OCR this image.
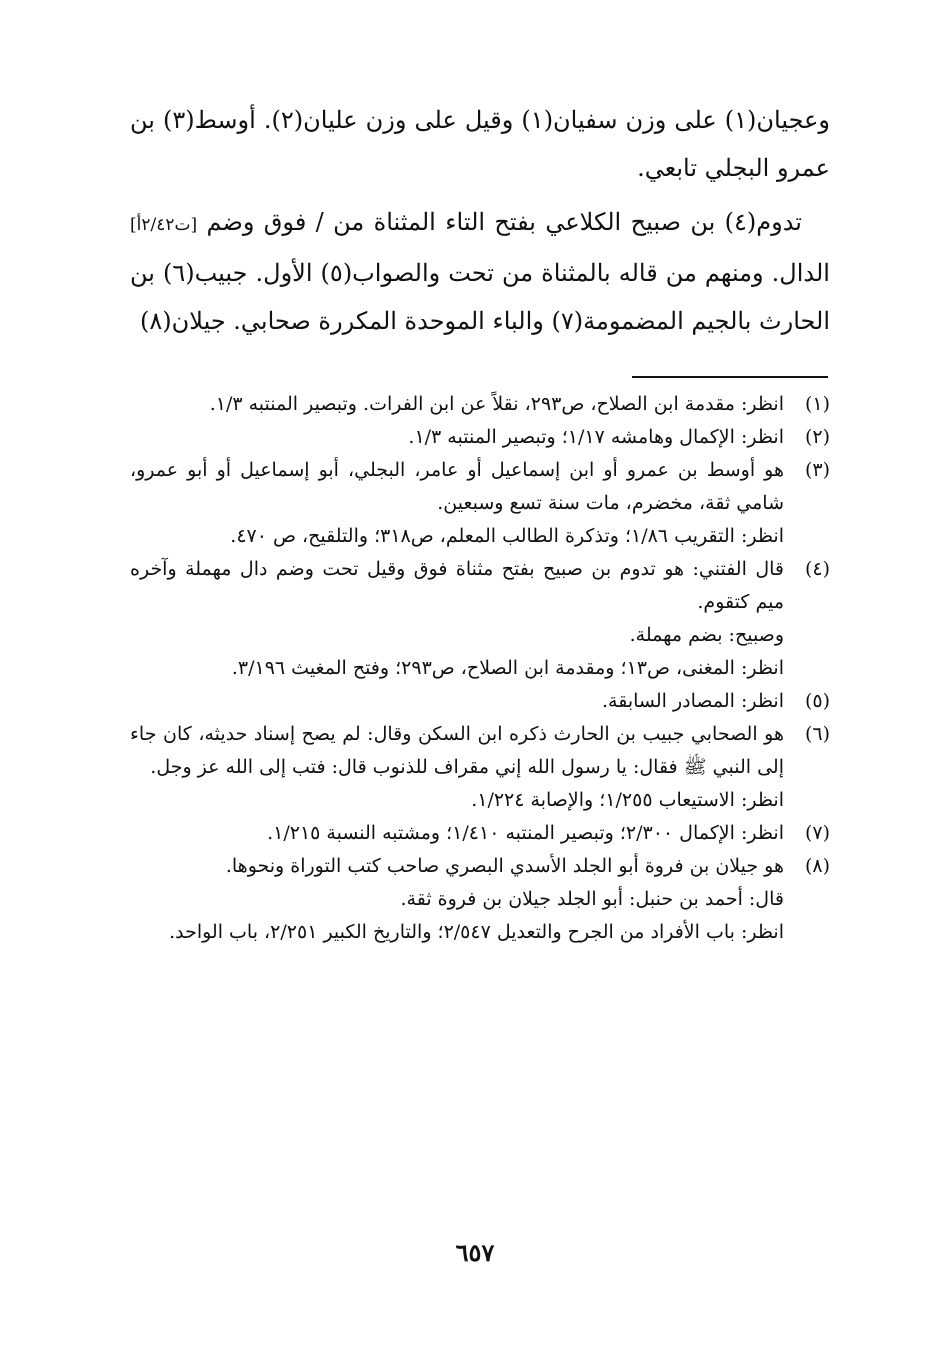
وعجيان(١) على وزن سفيان(١) وقيل على وزن عليان(٢). أوسط(٣) بن عمرو البجلي تابعي.

تدوم(٤) بن صبيح الكلاعي بفتح التاء المثناة من / فوق وضم [ت٢/٤٢أ] الدال. ومنهم من قاله بالمثناة من تحت والصواب(٥) الأول. جبيب(٦) بن الحارث بالجيم المضمومة(٧) والباء الموحدة المكررة صحابي. جيلان(٨)

(١)
انظر: مقدمة ابن الصلاح، ص٢٩٣، نقلاً عن ابن الفرات. وتبصير المنتبه ١/٣.
(٢)
انظر: الإكمال وهامشه ١/١٧؛ وتبصير المنتبه ١/٣.
(٣)
هو أوسط بن عمرو أو ابن إسماعيل أو عامر، البجلي، أبو إسماعيل أو أبو عمرو، شامي ثقة، مخضرم، مات سنة تسع وسبعين.
انظر: التقريب ١/٨٦؛ وتذكرة الطالب المعلم، ص٣١٨؛ والتلقيح، ص ٤٧٠.
(٤)
قال الفتني: هو تدوم بن صبيح بفتح مثناة فوق وقيل تحت وضم دال مهملة وآخره ميم كتقوم.
وصبيح: بضم مهملة.
انظر: المغنى، ص١٣؛ ومقدمة ابن الصلاح، ص٢٩٣؛ وفتح المغيث ٣/١٩٦.
(٥)
انظر: المصادر السابقة.
(٦)
هو الصحابي جبيب بن الحارث ذكره ابن السكن وقال: لم يصح إسناد حديثه، كان جاء إلى النبي ﷺ فقال: يا رسول الله إني مقراف للذنوب قال: فتب إلى الله عز وجل.
انظر: الاستيعاب ١/٢٥٥؛ والإصابة ١/٢٢٤.
(٧)
انظر: الإكمال ٢/٣٠٠؛ وتبصير المنتبه ١/٤١٠؛ ومشتبه النسبة ١/٢١٥.
(٨)
هو جيلان بن فروة أبو الجلد الأسدي البصري صاحب كتب التوراة ونحوها.
قال: أحمد بن حنبل: أبو الجلد جيلان بن فروة ثقة.
انظر: باب الأفراد من الجرح والتعديل ٢/٥٤٧؛ والتاريخ الكبير ٢/٢٥١، باب الواحد.
٦٥٧
